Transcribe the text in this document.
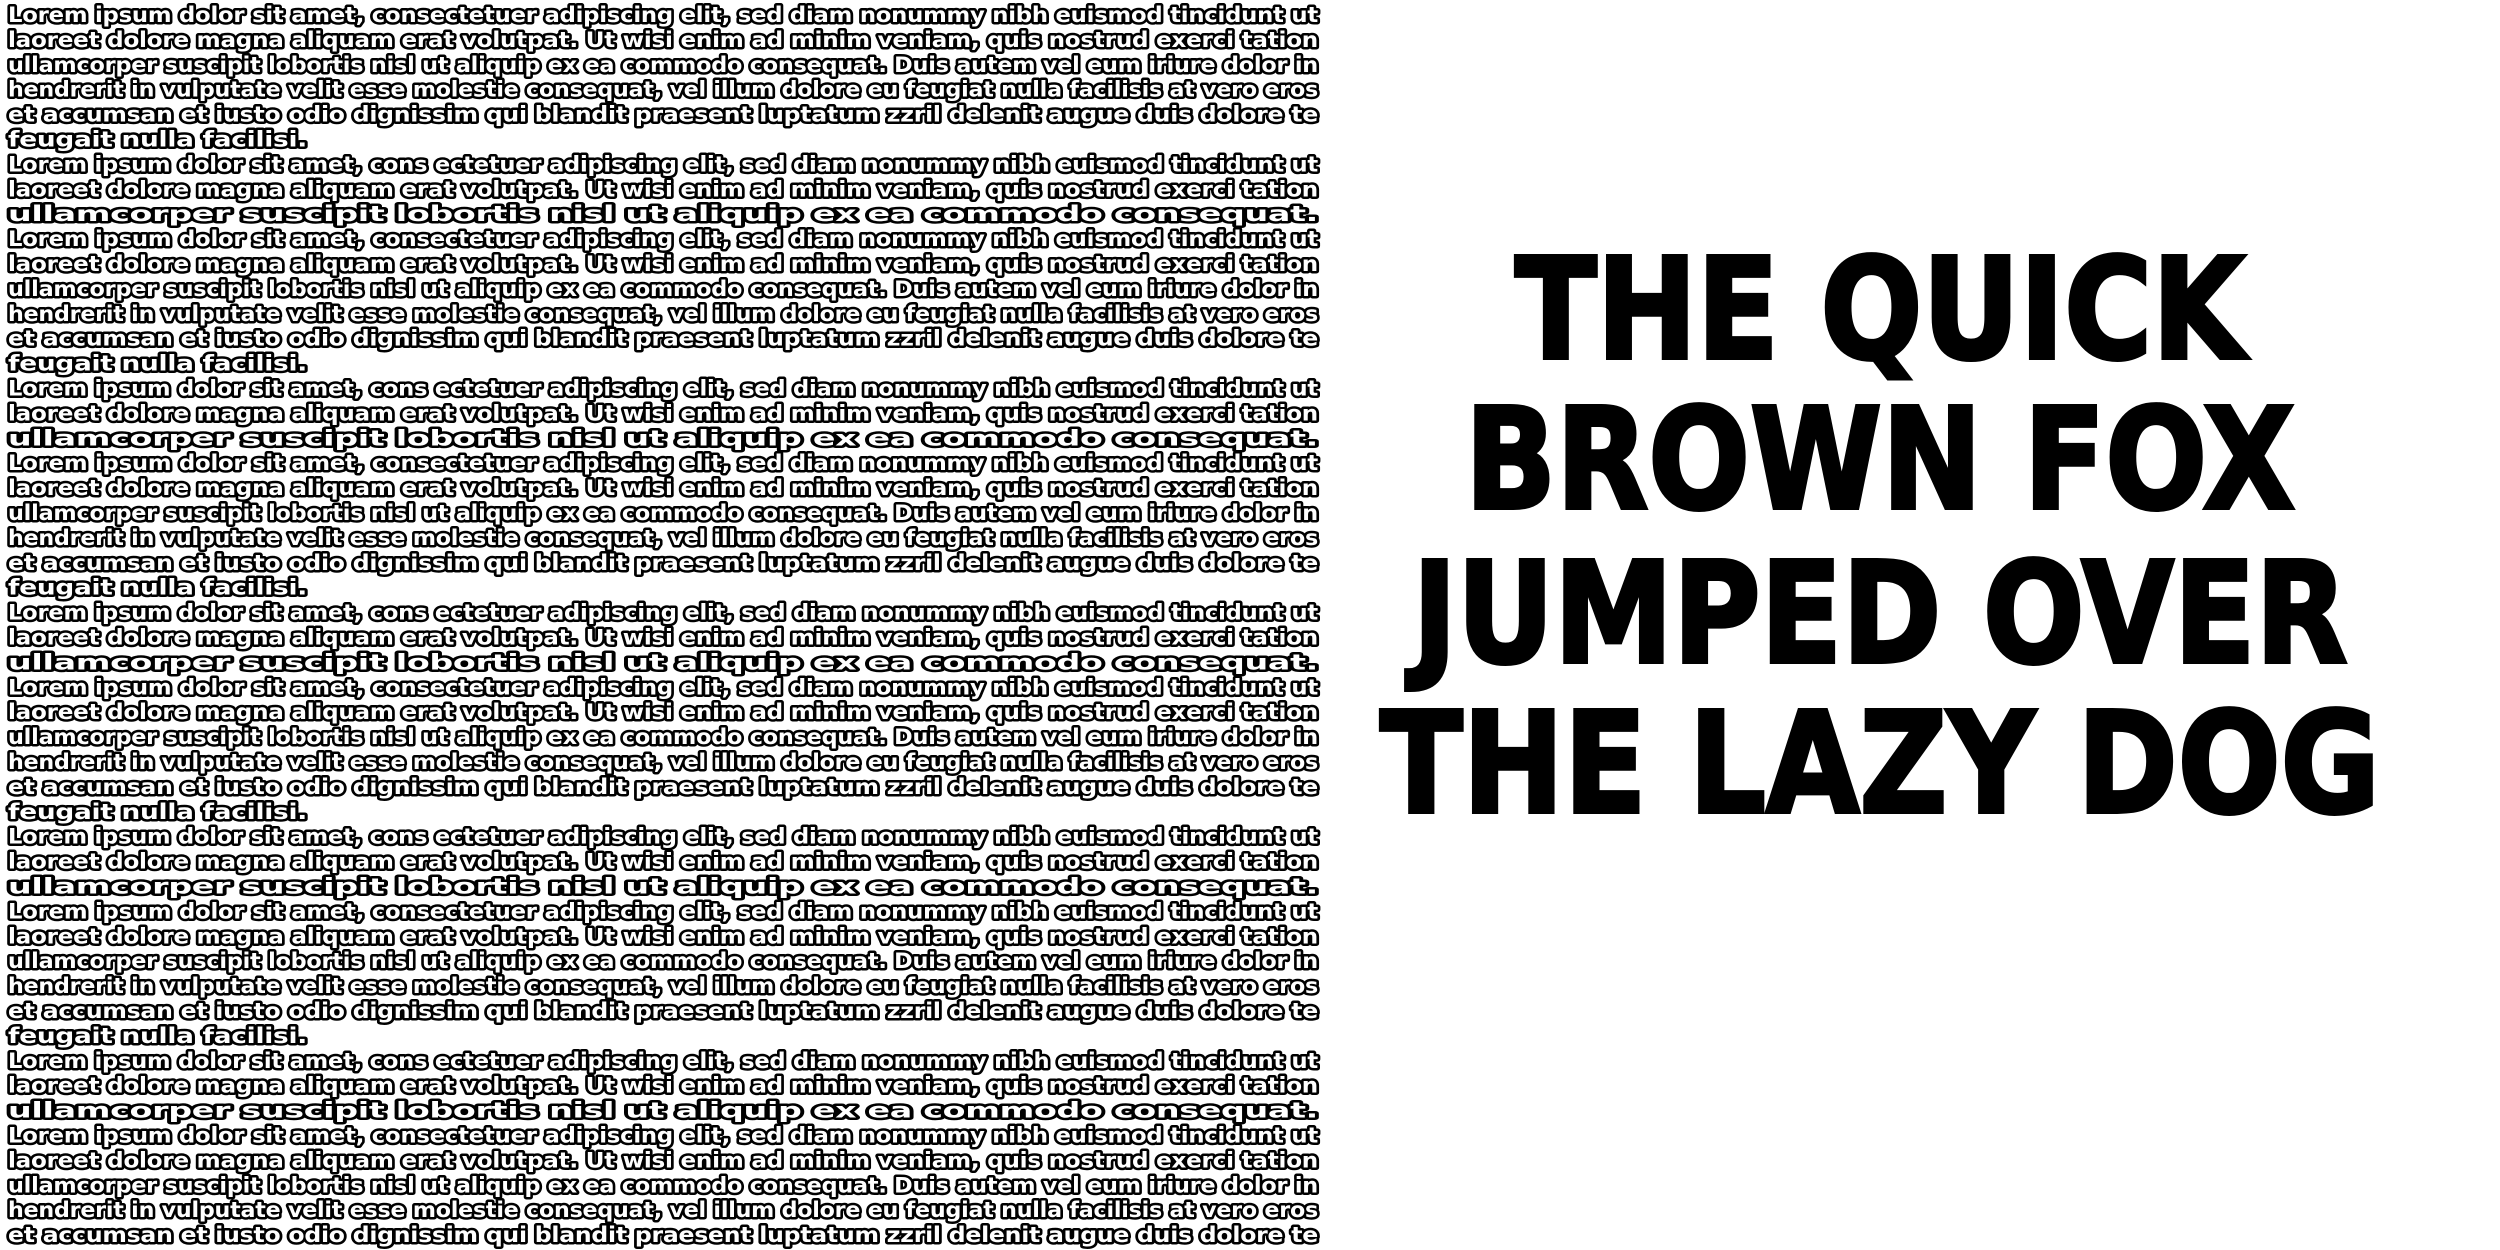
Lorem ipsum dolor sit amet, consectetuer adipiscing elit, sed diam nonummy nibh euismod tincidunt ut
laoreet dolore magna aliquam erat volutpat. Ut wisi enim ad minim veniam, quis nostrud exerci tation
ullamcorper suscipit lobortis nisl ut aliquip ex ea commodo consequat. Duis autem vel eum iriure dolor in
hendrerit in vulputate velit esse molestie consequat, vel illum dolore eu feugiat nulla facilisis at vero eros
et accumsan et iusto odio dignissim qui blandit praesent luptatum zzril delenit augue duis dolore te
feugait nulla facilisi.
Lorem ipsum dolor sit amet, cons ectetuer adipiscing elit, sed diam nonummy nibh euismod tincidunt ut
laoreet dolore magna aliquam erat volutpat. Ut wisi enim ad minim veniam, quis nostrud exerci tation
ullamcorper suscipit lobortis nisl ut aliquip ex ea commodo consequat.
Lorem ipsum dolor sit amet, consectetuer adipiscing elit, sed diam nonummy nibh euismod tincidunt ut
laoreet dolore magna aliquam erat volutpat. Ut wisi enim ad minim veniam, quis nostrud exerci tation
ullamcorper suscipit lobortis nisl ut aliquip ex ea commodo consequat. Duis autem vel eum iriure dolor in
hendrerit in vulputate velit esse molestie consequat, vel illum dolore eu feugiat nulla facilisis at vero eros
et accumsan et iusto odio dignissim qui blandit praesent luptatum zzril delenit augue duis dolore te
feugait nulla facilisi.
Lorem ipsum dolor sit amet, cons ectetuer adipiscing elit, sed diam nonummy nibh euismod tincidunt ut
laoreet dolore magna aliquam erat volutpat. Ut wisi enim ad minim veniam, quis nostrud exerci tation
ullamcorper suscipit lobortis nisl ut aliquip ex ea commodo consequat.
Lorem ipsum dolor sit amet, consectetuer adipiscing elit, sed diam nonummy nibh euismod tincidunt ut
laoreet dolore magna aliquam erat volutpat. Ut wisi enim ad minim veniam, quis nostrud exerci tation
ullamcorper suscipit lobortis nisl ut aliquip ex ea commodo consequat. Duis autem vel eum iriure dolor in
hendrerit in vulputate velit esse molestie consequat, vel illum dolore eu feugiat nulla facilisis at vero eros
et accumsan et iusto odio dignissim qui blandit praesent luptatum zzril delenit augue duis dolore te
feugait nulla facilisi.
Lorem ipsum dolor sit amet, cons ectetuer adipiscing elit, sed diam nonummy nibh euismod tincidunt ut
laoreet dolore magna aliquam erat volutpat. Ut wisi enim ad minim veniam, quis nostrud exerci tation
ullamcorper suscipit lobortis nisl ut aliquip ex ea commodo consequat.
Lorem ipsum dolor sit amet, consectetuer adipiscing elit, sed diam nonummy nibh euismod tincidunt ut
laoreet dolore magna aliquam erat volutpat. Ut wisi enim ad minim veniam, quis nostrud exerci tation
ullamcorper suscipit lobortis nisl ut aliquip ex ea commodo consequat. Duis autem vel eum iriure dolor in
hendrerit in vulputate velit esse molestie consequat, vel illum dolore eu feugiat nulla facilisis at vero eros
et accumsan et iusto odio dignissim qui blandit praesent luptatum zzril delenit augue duis dolore te
feugait nulla facilisi.
Lorem ipsum dolor sit amet, cons ectetuer adipiscing elit, sed diam nonummy nibh euismod tincidunt ut
laoreet dolore magna aliquam erat volutpat. Ut wisi enim ad minim veniam, quis nostrud exerci tation
ullamcorper suscipit lobortis nisl ut aliquip ex ea commodo consequat.
Lorem ipsum dolor sit amet, consectetuer adipiscing elit, sed diam nonummy nibh euismod tincidunt ut
laoreet dolore magna aliquam erat volutpat. Ut wisi enim ad minim veniam, quis nostrud exerci tation
ullamcorper suscipit lobortis nisl ut aliquip ex ea commodo consequat. Duis autem vel eum iriure dolor in
hendrerit in vulputate velit esse molestie consequat, vel illum dolore eu feugiat nulla facilisis at vero eros
et accumsan et iusto odio dignissim qui blandit praesent luptatum zzril delenit augue duis dolore te
feugait nulla facilisi.
Lorem ipsum dolor sit amet, cons ectetuer adipiscing elit, sed diam nonummy nibh euismod tincidunt ut
laoreet dolore magna aliquam erat volutpat. Ut wisi enim ad minim veniam, quis nostrud exerci tation
ullamcorper suscipit lobortis nisl ut aliquip ex ea commodo consequat.
Lorem ipsum dolor sit amet, consectetuer adipiscing elit, sed diam nonummy nibh euismod tincidunt ut
laoreet dolore magna aliquam erat volutpat. Ut wisi enim ad minim veniam, quis nostrud exerci tation
ullamcorper suscipit lobortis nisl ut aliquip ex ea commodo consequat. Duis autem vel eum iriure dolor in
hendrerit in vulputate velit esse molestie consequat, vel illum dolore eu feugiat nulla facilisis at vero eros
et accumsan et iusto odio dignissim qui blandit praesent luptatum zzril delenit augue duis dolore te
THE QUICK
BROWN FOX
JUMPED OVER
THE LAZY DOG
